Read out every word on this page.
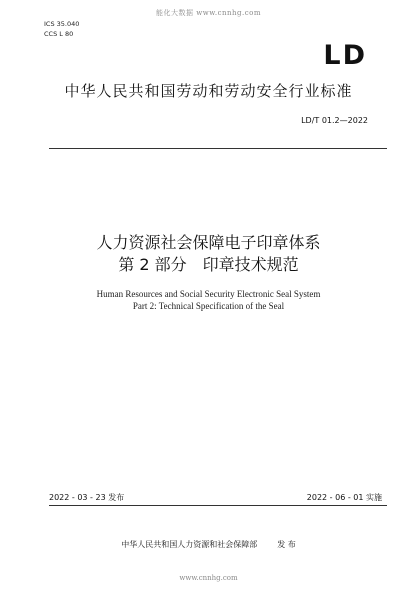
能化大数据 www.cnnhg.com
ICS 35.040
CCS L 80
LD
中华人民共和国劳动和劳动安全行业标准
LD/T 01.2—2022
人力资源社会保障电子印章体系
第 2 部分 印章技术规范
Human Resources and Social Security Electronic Seal System
Part 2: Technical Specification of the Seal
2022 - 03 - 23 发布	2022 - 06 - 01 实施
中华人民共和国人力资源和社会保障部	发 布
www.cnnhg.com
